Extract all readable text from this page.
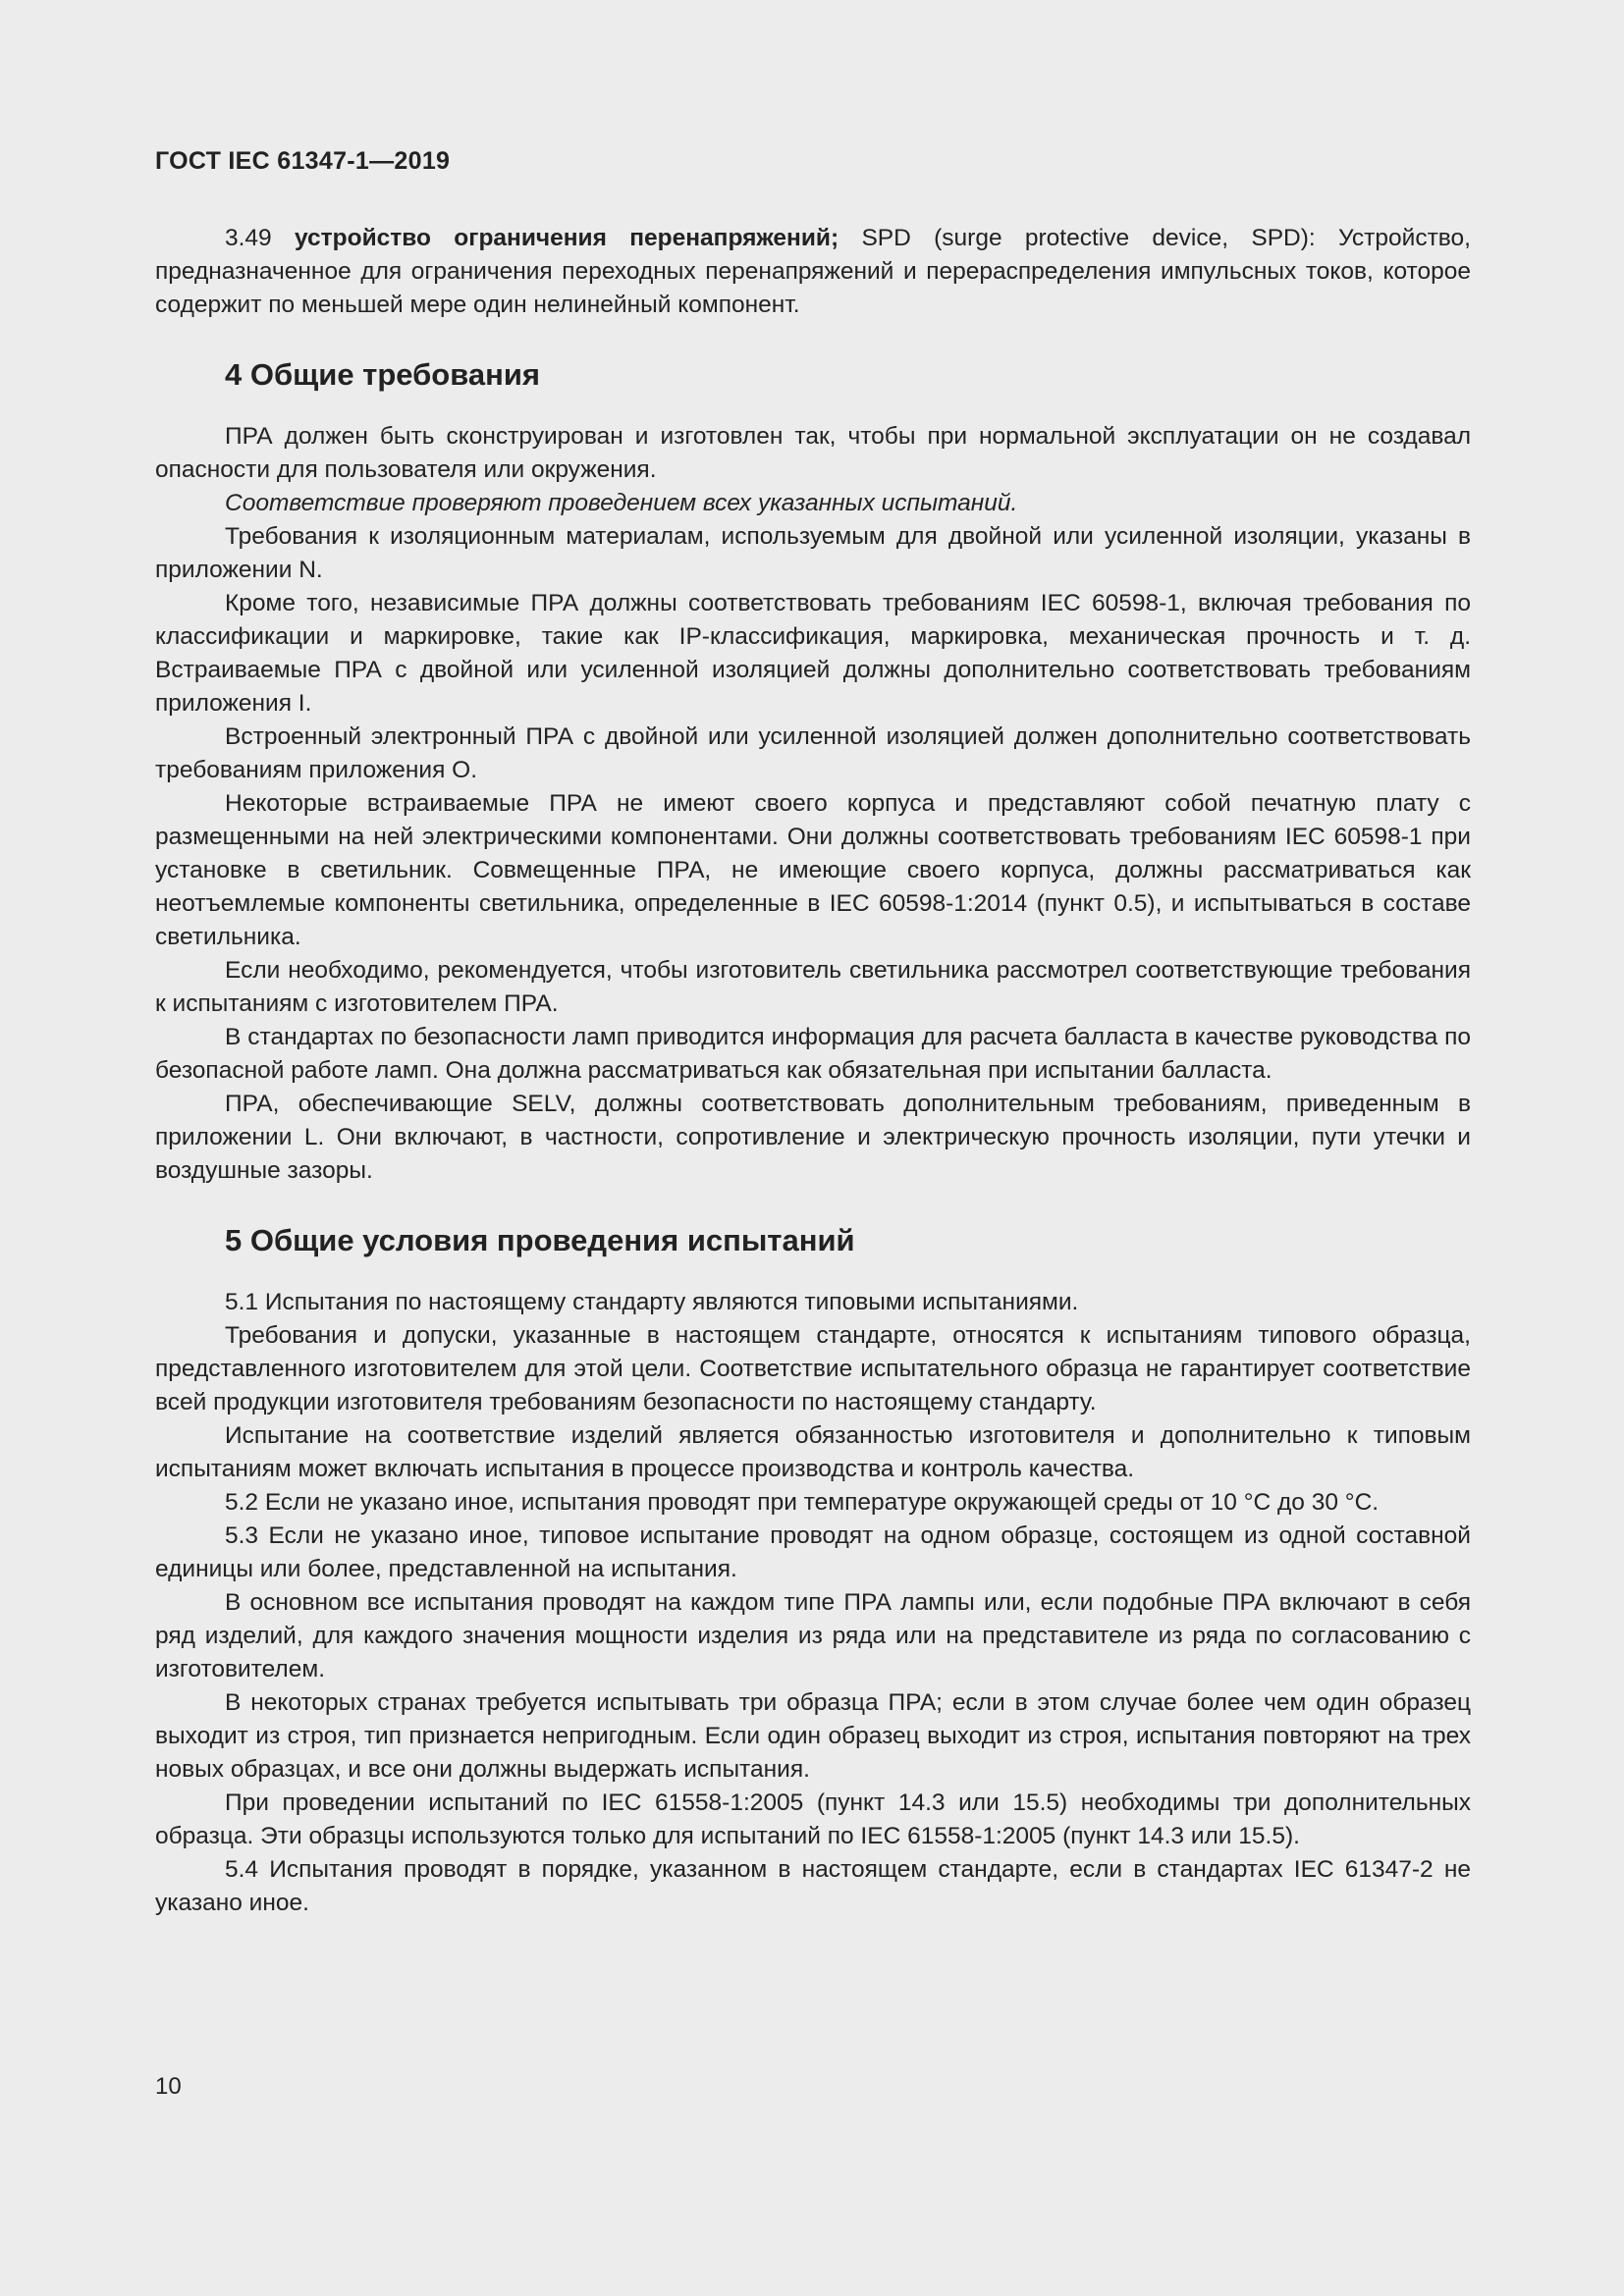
ГОСТ IEC 61347-1—2019

3.49 устройство ограничения перенапряжений; SPD (surge protective device, SPD): Устройство, предназначенное для ограничения переходных перенапряжений и перераспределения импульсных токов, которое содержит по меньшей мере один нелинейный компонент.

4 Общие требования

ПРА должен быть сконструирован и изготовлен так, чтобы при нормальной эксплуатации он не создавал опасности для пользователя или окружения.

Соответствие проверяют проведением всех указанных испытаний.

Требования к изоляционным материалам, используемым для двойной или усиленной изоляции, указаны в приложении N.

Кроме того, независимые ПРА должны соответствовать требованиям IEC 60598-1, включая требования по классификации и маркировке, такие как IP-классификация, маркировка, механическая прочность и т. д. Встраиваемые ПРА с двойной или усиленной изоляцией должны дополнительно соответствовать требованиям приложения I.

Встроенный электронный ПРА с двойной или усиленной изоляцией должен дополнительно соответствовать требованиям приложения O.

Некоторые встраиваемые ПРА не имеют своего корпуса и представляют собой печатную плату с размещенными на ней электрическими компонентами. Они должны соответствовать требованиям IEC 60598-1 при установке в светильник. Совмещенные ПРА, не имеющие своего корпуса, должны рассматриваться как неотъемлемые компоненты светильника, определенные в IEC 60598-1:2014 (пункт 0.5), и испытываться в составе светильника.

Если необходимо, рекомендуется, чтобы изготовитель светильника рассмотрел соответствующие требования к испытаниям с изготовителем ПРА.

В стандартах по безопасности ламп приводится информация для расчета балласта в качестве руководства по безопасной работе ламп. Она должна рассматриваться как обязательная при испытании балласта.

ПРА, обеспечивающие SELV, должны соответствовать дополнительным требованиям, приведенным в приложении L. Они включают, в частности, сопротивление и электрическую прочность изоляции, пути утечки и воздушные зазоры.

5 Общие условия проведения испытаний

5.1 Испытания по настоящему стандарту являются типовыми испытаниями.

Требования и допуски, указанные в настоящем стандарте, относятся к испытаниям типового образца, представленного изготовителем для этой цели. Соответствие испытательного образца не гарантирует соответствие всей продукции изготовителя требованиям безопасности по настоящему стандарту.

Испытание на соответствие изделий является обязанностью изготовителя и дополнительно к типовым испытаниям может включать испытания в процессе производства и контроль качества.

5.2 Если не указано иное, испытания проводят при температуре окружающей среды от 10 °С до 30 °С.

5.3 Если не указано иное, типовое испытание проводят на одном образце, состоящем из одной составной единицы или более, представленной на испытания.

В основном все испытания проводят на каждом типе ПРА лампы или, если подобные ПРА включают в себя ряд изделий, для каждого значения мощности изделия из ряда или на представителе из ряда по согласованию с изготовителем.

В некоторых странах требуется испытывать три образца ПРА; если в этом случае более чем один образец выходит из строя, тип признается непригодным. Если один образец выходит из строя, испытания повторяют на трех новых образцах, и все они должны выдержать испытания.

При проведении испытаний по IEC 61558-1:2005 (пункт 14.3 или 15.5) необходимы три дополнительных образца. Эти образцы используются только для испытаний по IEC 61558-1:2005 (пункт 14.3 или 15.5).

5.4 Испытания проводят в порядке, указанном в настоящем стандарте, если в стандартах IEC 61347-2 не указано иное.

10
